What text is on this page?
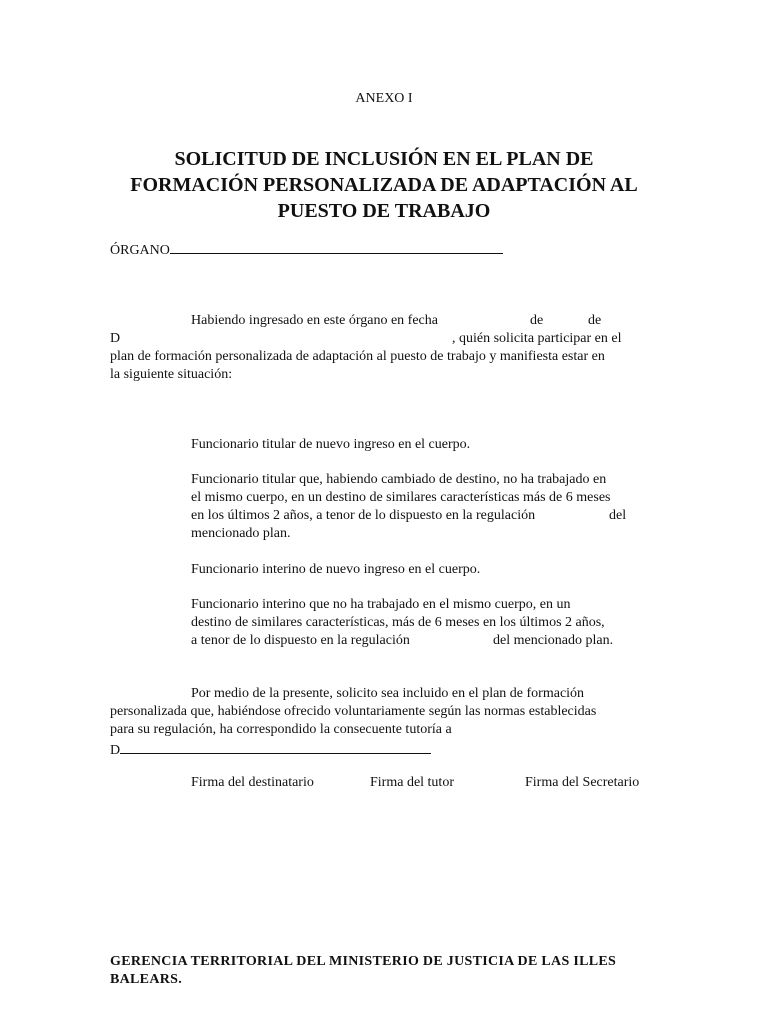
ANEXO I
SOLICITUD DE INCLUSIÓN EN EL PLAN DE
FORMACIÓN PERSONALIZADA DE ADAPTACIÓN AL
PUESTO DE TRABAJO
ÓRGANO
Habiendo ingresado en este órgano en fecha	de	de
D	, quién solicita participar en el
plan de formación personalizada de adaptación al puesto de trabajo y manifiesta estar en
la siguiente situación:
Funcionario titular de nuevo ingreso en el cuerpo.
Funcionario titular que, habiendo cambiado de destino, no ha trabajado en
el mismo cuerpo, en un destino de similares características más de 6 meses
en los últimos 2 años, a tenor de lo dispuesto en la regulación	del
mencionado plan.
Funcionario interino de nuevo ingreso en el cuerpo.
Funcionario interino que no ha trabajado en el mismo cuerpo, en un
destino de similares características, más de 6 meses en los últimos 2 años,
a tenor de lo dispuesto en la regulación	del mencionado plan.
Por medio de la presente, solicito sea incluido en el plan de formación
personalizada que, habiéndose ofrecido voluntariamente según las normas establecidas
para su regulación, ha correspondido la consecuente tutoría a
D
Firma del destinatario	Firma del tutor	Firma del Secretario
GERENCIA TERRITORIAL DEL MINISTERIO DE JUSTICIA DE LAS ILLES
BALEARS.
